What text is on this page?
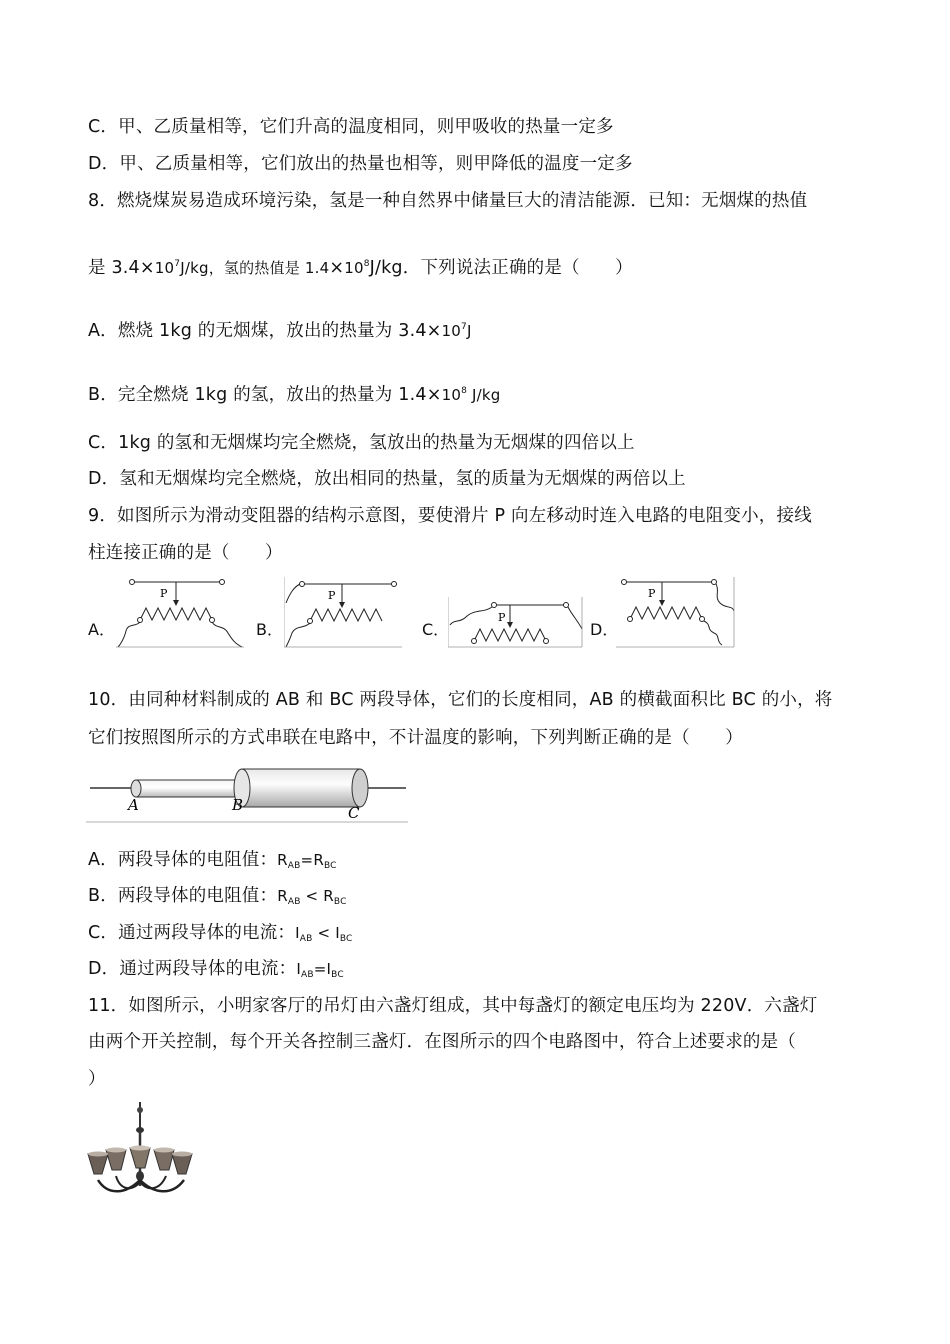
C．甲、乙质量相等，它们升高的温度相同，则甲吸收的热量一定多
D．甲、乙质量相等，它们放出的热量也相等，则甲降低的温度一定多
8．燃烧煤炭易造成环境污染，氢是一种自然界中储量巨大的清洁能源．已知：无烟煤的热值
是 $3.4\times 10^7J/kg$，氢的热值是 $1.4\times 10^8J/kg$．下列说法正确的是（　　）
A．燃烧 1kg 的无烟煤，放出的热量为 $3.4\times 10^7J$
B．完全燃烧 1kg 的氢，放出的热量为 $1.4\times 10^8$ J/kg
C．1kg 的氢和无烟煤均完全燃烧，氢放出的热量为无烟煤的四倍以上
D．氢和无烟煤均完全燃烧，放出相同的热量，氢的质量为无烟煤的两倍以上
9．如图所示为滑动变阻器的结构示意图，要使滑片 P 向左移动时连入电路的电阻变小，接线
柱连接正确的是（　　）
A．	B．	C．	D．
P	P
P
P
10．由同种材料制成的 AB 和 BC 两段导体，它们的长度相同，AB 的横截面积比 BC 的小，将
它们按照图所示的方式串联在电路中，不计温度的影响，下列判断正确的是（　　）
A	B	C
A．两段导体的电阻值：$R_{AB}=R_{BC}$
B．两段导体的电阻值：$R_{AB} < R_{BC}$
C．通过两段导体的电流：$I_{AB} < I_{BC}$
D．通过两段导体的电流：$I_{AB}=I_{BC}$
11．如图所示，小明家客厅的吊灯由六盏灯组成，其中每盏灯的额定电压均为 220V．六盏灯
由两个开关控制，每个开关各控制三盏灯．在图所示的四个电路图中，符合上述要求的是（
）
